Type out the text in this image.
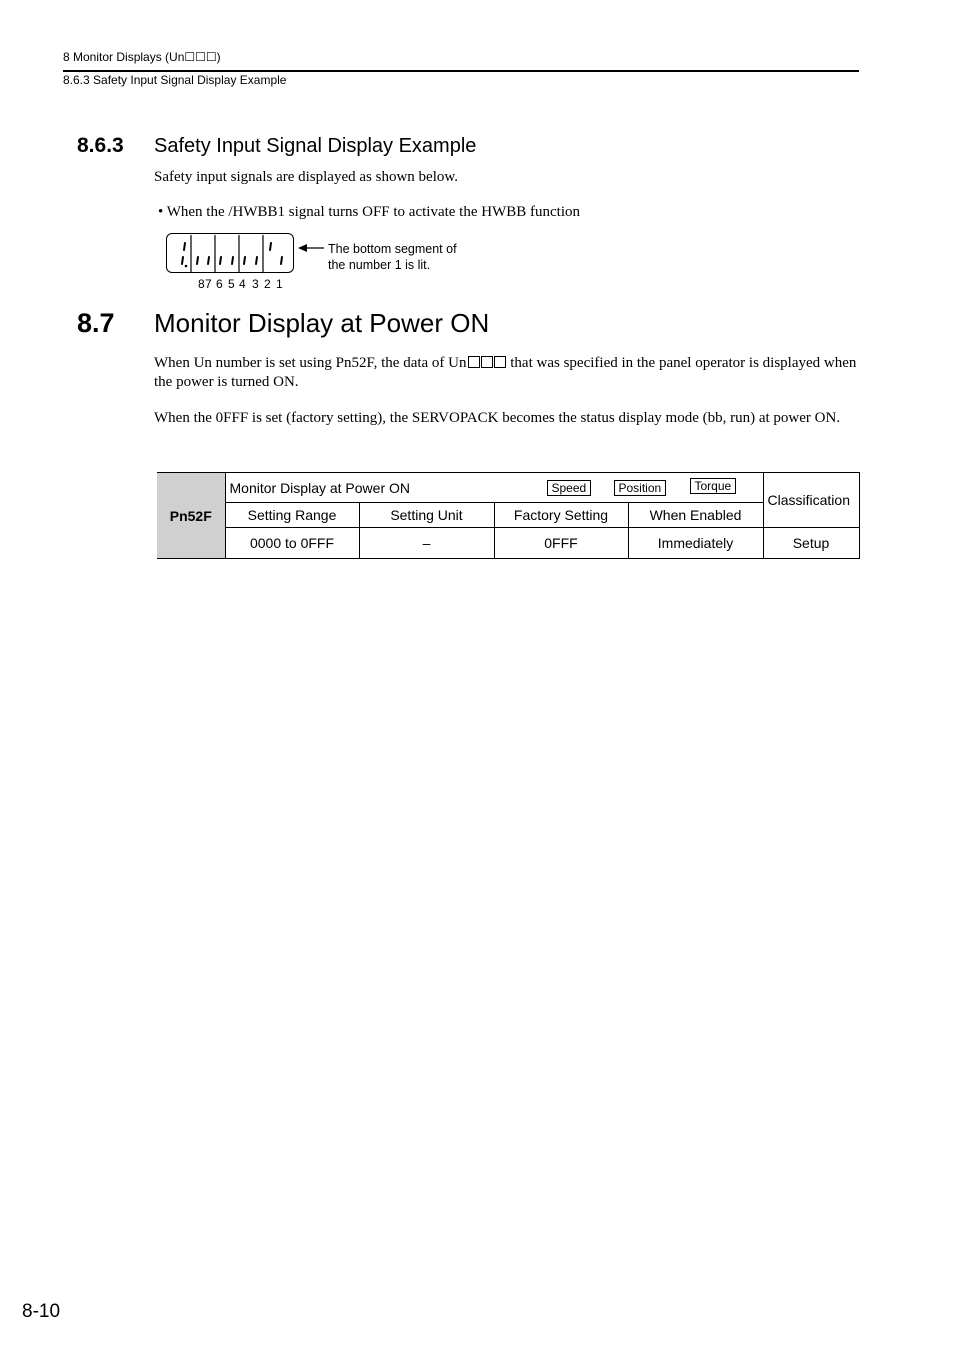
8 Monitor Displays (Un☐☐☐)
8.6.3 Safety Input Signal Display Example
8.6.3 Safety Input Signal Display Example
Safety input signals are displayed as shown below.
• When the /HWBB1 signal turns OFF to activate the HWBB function
The bottom segment of
the number 1 is lit.
8 7 6 5 4 3 2 1
8.7 Monitor Display at Power ON
When Un number is set using Pn52F, the data of Un	that was specified in the panel operator is displayed when the power is turned ON.
When the 0FFF is set (factory setting), the SERVOPACK becomes the status display mode (bb, run) at power ON.
Pn52F	Monitor Display at Power ON Speed Position Torque				Classification
	Setting Range	Setting Unit	Factory Setting	When Enabled	
	0000 to 0FFF	–	0FFF	Immediately	Setup
8-10
